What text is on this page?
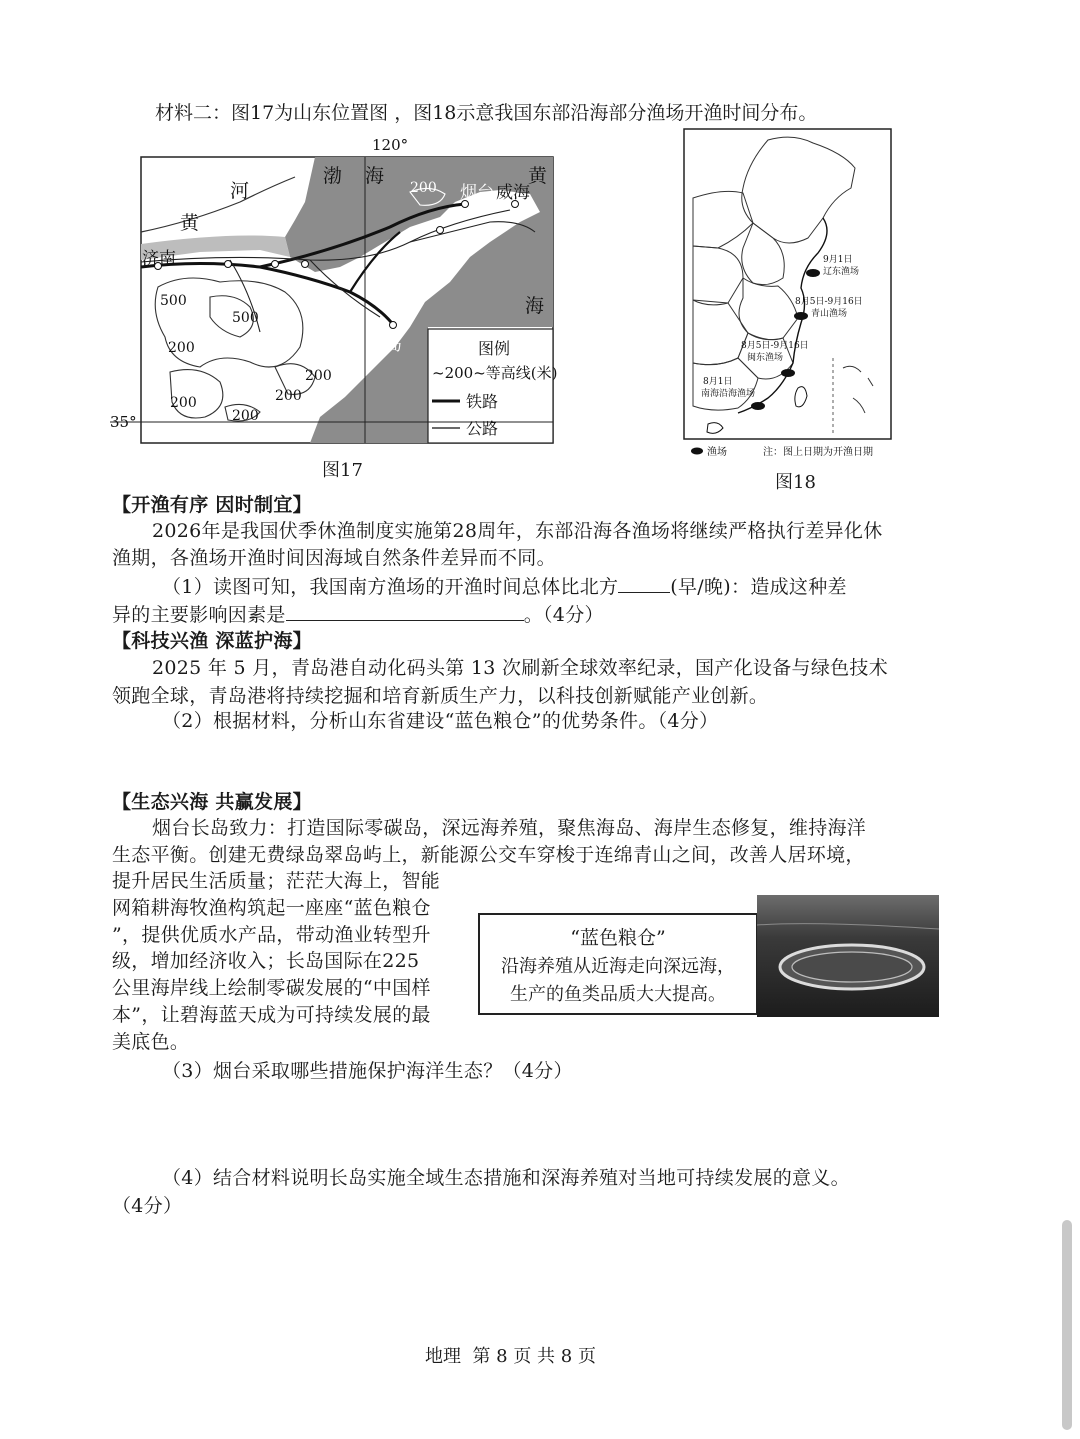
材料二：图17为山东位置图 ，图18示意我国东部沿海部分渔场开渔时间分布。
120°
35°
渤 海	黄
海
河
黄
济南
烟台 威海
青岛
200
200
500
500
200
200
200	200
200
图例
~200~等高线(米)
铁路
公路
图17
9月1日
辽东渔场
8月5日-9月16日
青山渔场
8月5日-9月16日
闽东渔场
8月1日
南海沿海渔场
渔场	注：图上日期为开渔日期
图18
【开渔有序 因时制宜】
2026年是我国伏季休渔制度实施第28周年，东部沿海各渔场将继续严格执行差异化休
渔期，各渔场开渔时间因海域自然条件差异而不同。
（1）读图可知，我国南方渔场的开渔时间总体比北方	(早/晚)：造成这种差
异的主要影响因素是	。（4分）
【科技兴渔 深蓝护海】
2025 年 5 月，青岛港自动化码头第 13 次刷新全球效率纪录，国产化设备与绿色技术
领跑全球，青岛港将持续挖掘和培育新质生产力，以科技创新赋能产业创新。
（2）根据材料，分析山东省建设“蓝色粮仓”的优势条件。（4分）
【生态兴海 共赢发展】
烟台长岛致力：打造国际零碳岛，深远海养殖，聚焦海岛、海岸生态修复，维持海洋
生态平衡。创建无费绿岛翠岛屿上，新能源公交车穿梭于连绵青山之间，改善人居环境，
提升居民生活质量；茫茫大海上，智能
网箱耕海牧渔构筑起一座座“蓝色粮仓
”，提供优质水产品，带动渔业转型升
级，增加经济收入；长岛国际在225
公里海岸线上绘制零碳发展的“中国样
本”，让碧海蓝天成为可持续发展的最
美底色。
“蓝色粮仓”
沿海养殖从近海走向深远海，
生产的鱼类品质大大提高。
（3）烟台采取哪些措施保护海洋生态？（4分）
（4）结合材料说明长岛实施全域生态措施和深海养殖对当地可持续发展的意义。
（4分）
地理  第 8 页 共 8 页
